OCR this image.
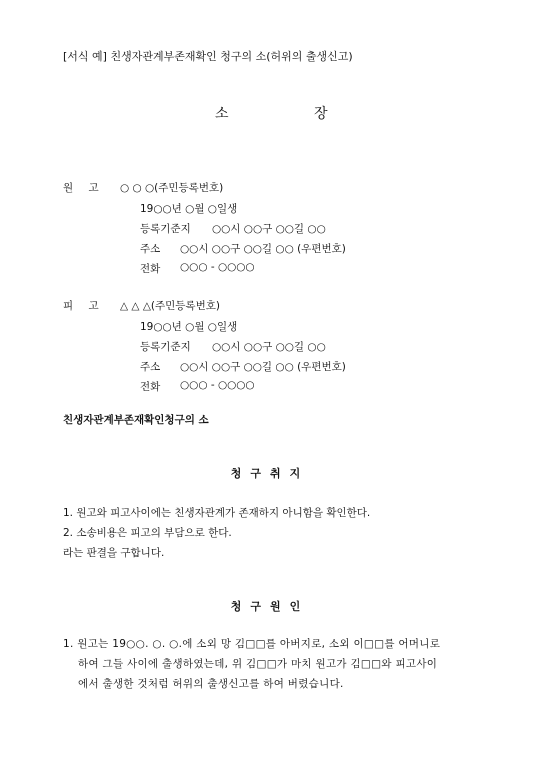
[서식 예] 친생자관계부존재확인 청구의 소(허위의 출생신고)
소	장
원 고 ○ ○ ○(주민등록번호)
19○○년 ○월 ○일생
등록기준지 ○○시 ○○구 ○○길 ○○
주소 ○○시 ○○구 ○○길 ○○ (우편번호)
전화 ○○○ - ○○○○
피 고 △ △ △(주민등록번호)
19○○년 ○월 ○일생
등록기준지 ○○시 ○○구 ○○길 ○○
주소 ○○시 ○○구 ○○길 ○○ (우편번호)
전화 ○○○ - ○○○○
친생자관계부존재확인청구의 소
청구취지
1. 원고와 피고사이에는 친생자관계가 존재하지 아니함을 확인한다.
2. 소송비용은 피고의 부담으로 한다.
라는 판결을 구합니다.
청구원인
1. 원고는 19○○. ○. ○.에 소외 망 김□□를 아버지로, 소외 이□□를 어머니로
하여 그들 사이에 출생하였는데, 위 김□□가 마치 원고가 김□□와 피고사이
에서 출생한 것처럼 허위의 출생신고를 하여 버렸습니다.
